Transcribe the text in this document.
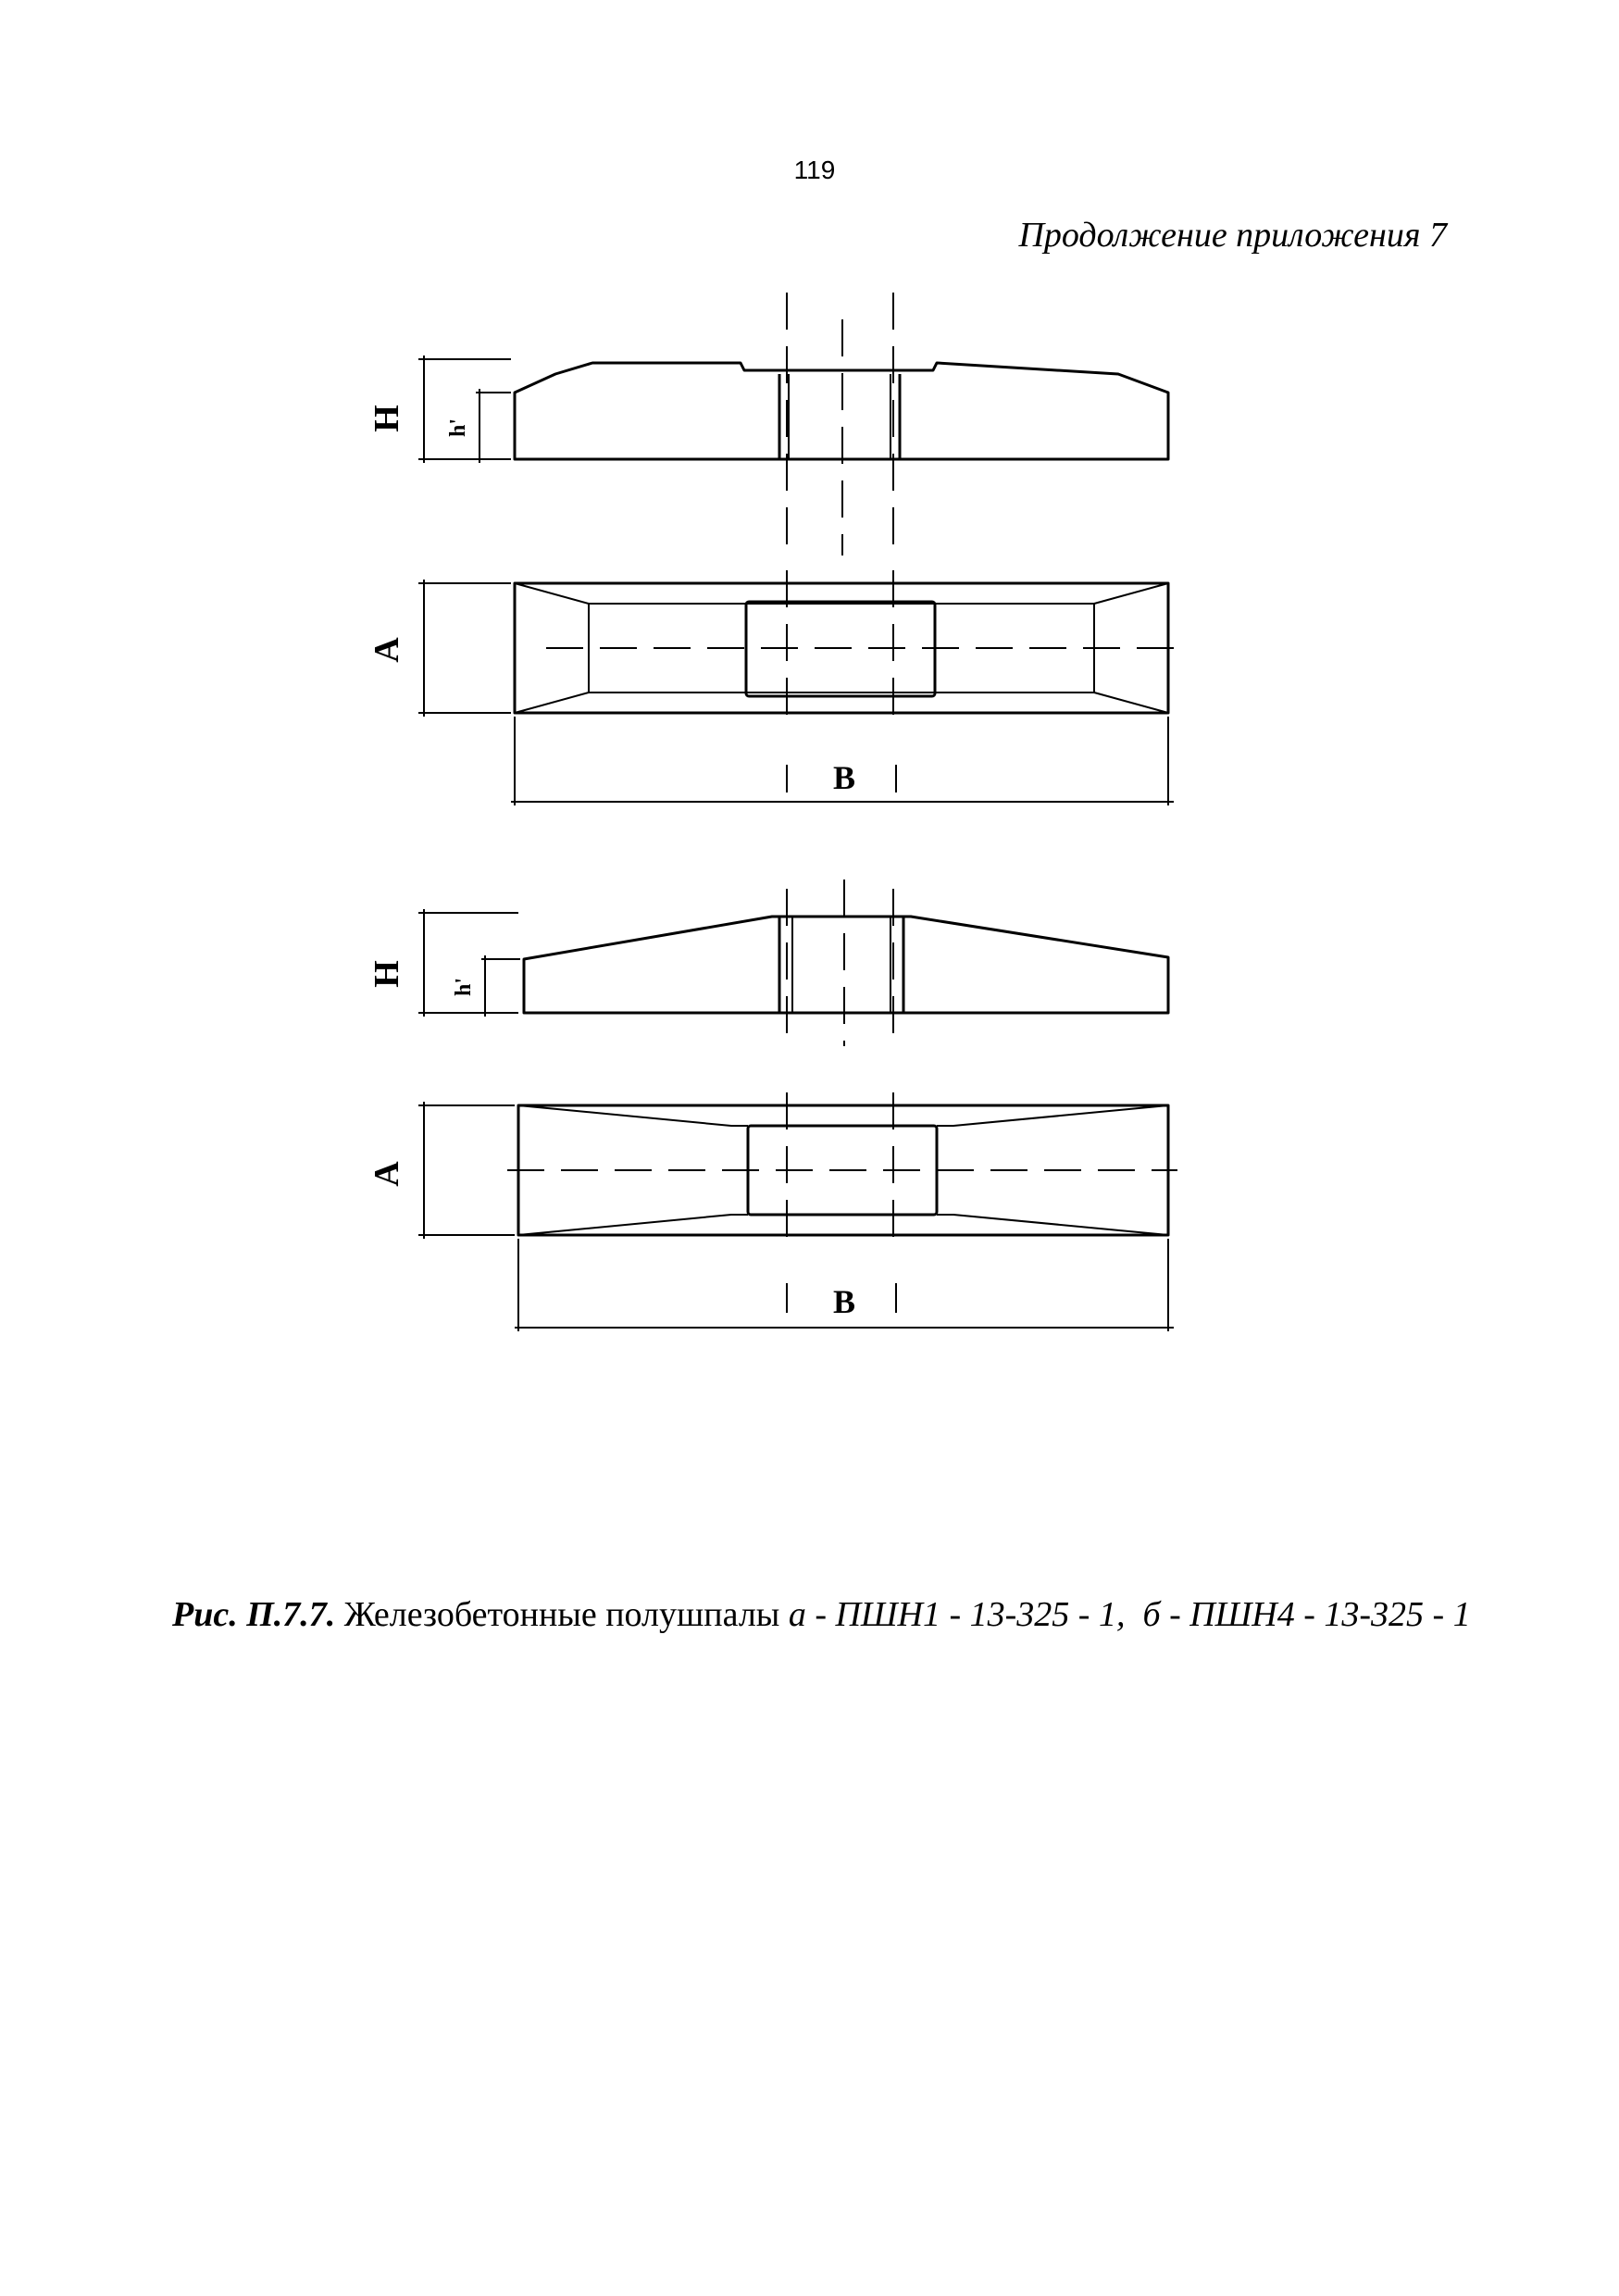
119
Продолжение приложения 7
H h'
A
B
H h'
A
B
Рис. П.7.7. Железобетонные полушпалы а - ПШН1 - 13-325 - 1, б - ПШН4 - 13-325 - 1
